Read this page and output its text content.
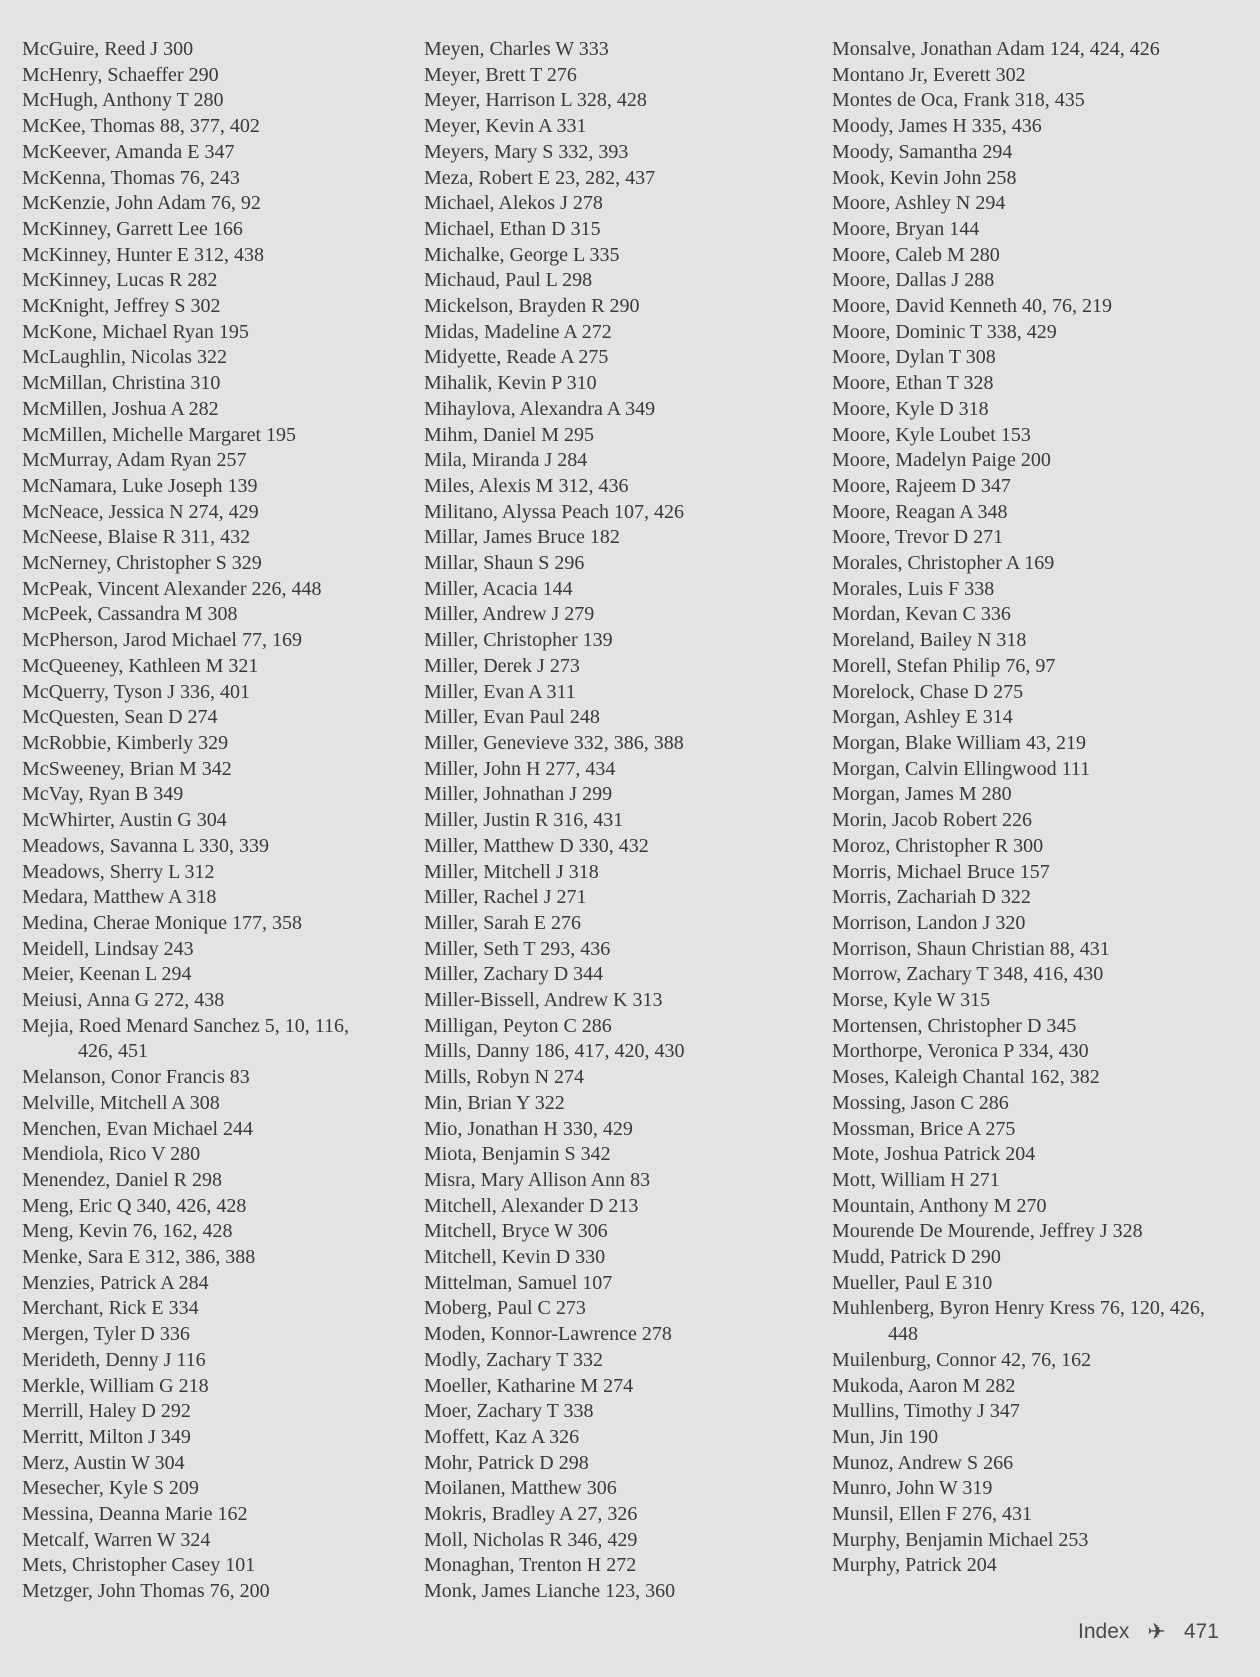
McGuire, Reed J 300
McHenry, Schaeffer 290
McHugh, Anthony T 280
McKee, Thomas 88, 377, 402
McKeever, Amanda E 347
McKenna, Thomas 76, 243
McKenzie, John Adam 76, 92
McKinney, Garrett Lee 166
McKinney, Hunter E 312, 438
McKinney, Lucas R 282
McKnight, Jeffrey S 302
McKone, Michael Ryan 195
McLaughlin, Nicolas 322
McMillan, Christina 310
McMillen, Joshua A 282
McMillen, Michelle Margaret 195
McMurray, Adam Ryan 257
McNamara, Luke Joseph 139
McNeace, Jessica N 274, 429
McNeese, Blaise R 311, 432
McNerney, Christopher S 329
McPeak, Vincent Alexander 226, 448
McPeek, Cassandra M 308
McPherson, Jarod Michael 77, 169
McQueeney, Kathleen M 321
McQuerry, Tyson J 336, 401
McQuesten, Sean D 274
McRobbie, Kimberly 329
McSweeney, Brian M 342
McVay, Ryan B 349
McWhirter, Austin G 304
Meadows, Savanna L 330, 339
Meadows, Sherry L 312
Medara, Matthew A 318
Medina, Cherae Monique 177, 358
Meidell, Lindsay 243
Meier, Keenan L 294
Meiusi, Anna G 272, 438
Mejia, Roed Menard Sanchez 5, 10, 116, 426, 451
Melanson, Conor Francis 83
Melville, Mitchell A 308
Menchen, Evan Michael 244
Mendiola, Rico V 280
Menendez, Daniel R 298
Meng, Eric Q 340, 426, 428
Meng, Kevin 76, 162, 428
Menke, Sara E 312, 386, 388
Menzies, Patrick A 284
Merchant, Rick E 334
Mergen, Tyler D 336
Merideth, Denny J 116
Merkle, William G 218
Merrill, Haley D 292
Merritt, Milton J 349
Merz, Austin W 304
Mesecher, Kyle S 209
Messina, Deanna Marie 162
Metcalf, Warren W 324
Mets, Christopher Casey 101
Metzger, John Thomas 76, 200
Meyen, Charles W 333
Meyer, Brett T 276
Meyer, Harrison L 328, 428
Meyer, Kevin A 331
Meyers, Mary S 332, 393
Meza, Robert E 23, 282, 437
Michael, Alekos J 278
Michael, Ethan D 315
Michalke, George L 335
Michaud, Paul L 298
Mickelson, Brayden R 290
Midas, Madeline A 272
Midyette, Reade A 275
Mihalik, Kevin P 310
Mihaylova, Alexandra A 349
Mihm, Daniel M 295
Mila, Miranda J 284
Miles, Alexis M 312, 436
Militano, Alyssa Peach 107, 426
Millar, James Bruce 182
Millar, Shaun S 296
Miller, Acacia 144
Miller, Andrew J 279
Miller, Christopher 139
Miller, Derek J 273
Miller, Evan A 311
Miller, Evan Paul 248
Miller, Genevieve 332, 386, 388
Miller, John H 277, 434
Miller, Johnathan J 299
Miller, Justin R 316, 431
Miller, Matthew D 330, 432
Miller, Mitchell J 318
Miller, Rachel J 271
Miller, Sarah E 276
Miller, Seth T 293, 436
Miller, Zachary D 344
Miller-Bissell, Andrew K 313
Milligan, Peyton C 286
Mills, Danny 186, 417, 420, 430
Mills, Robyn N 274
Min, Brian Y 322
Mio, Jonathan H 330, 429
Miota, Benjamin S 342
Misra, Mary Allison Ann 83
Mitchell, Alexander D 213
Mitchell, Bryce W 306
Mitchell, Kevin D 330
Mittelman, Samuel 107
Moberg, Paul C 273
Moden, Konnor-Lawrence 278
Modly, Zachary T 332
Moeller, Katharine M 274
Moer, Zachary T 338
Moffett, Kaz A 326
Mohr, Patrick D 298
Moilanen, Matthew 306
Mokris, Bradley A 27, 326
Moll, Nicholas R 346, 429
Monaghan, Trenton H 272
Monk, James Lianche 123, 360
Monsalve, Jonathan Adam 124, 424, 426
Montano Jr, Everett 302
Montes de Oca, Frank 318, 435
Moody, James H 335, 436
Moody, Samantha 294
Mook, Kevin John 258
Moore, Ashley N 294
Moore, Bryan 144
Moore, Caleb M 280
Moore, Dallas J 288
Moore, David Kenneth 40, 76, 219
Moore, Dominic T 338, 429
Moore, Dylan T 308
Moore, Ethan T 328
Moore, Kyle D 318
Moore, Kyle Loubet 153
Moore, Madelyn Paige 200
Moore, Rajeem D 347
Moore, Reagan A 348
Moore, Trevor D 271
Morales, Christopher A 169
Morales, Luis F 338
Mordan, Kevan C 336
Moreland, Bailey N 318
Morell, Stefan Philip 76, 97
Morelock, Chase D 275
Morgan, Ashley E 314
Morgan, Blake William 43, 219
Morgan, Calvin Ellingwood 111
Morgan, James M 280
Morin, Jacob Robert 226
Moroz, Christopher R 300
Morris, Michael Bruce 157
Morris, Zachariah D 322
Morrison, Landon J 320
Morrison, Shaun Christian 88, 431
Morrow, Zachary T 348, 416, 430
Morse, Kyle W 315
Mortensen, Christopher D 345
Morthorpe, Veronica P 334, 430
Moses, Kaleigh Chantal 162, 382
Mossing, Jason C 286
Mossman, Brice A 275
Mote, Joshua Patrick 204
Mott, William H 271
Mountain, Anthony M 270
Mourende De Mourende, Jeffrey J 328
Mudd, Patrick D 290
Mueller, Paul E 310
Muhlenberg, Byron Henry Kress 76, 120, 426, 448
Muilenburg, Connor 42, 76, 162
Mukoda, Aaron M 282
Mullins, Timothy J 347
Mun, Jin 190
Munoz, Andrew S 266
Munro, John W 319
Munsil, Ellen F 276, 431
Murphy, Benjamin Michael 253
Murphy, Patrick 204
Index ✈ 471
